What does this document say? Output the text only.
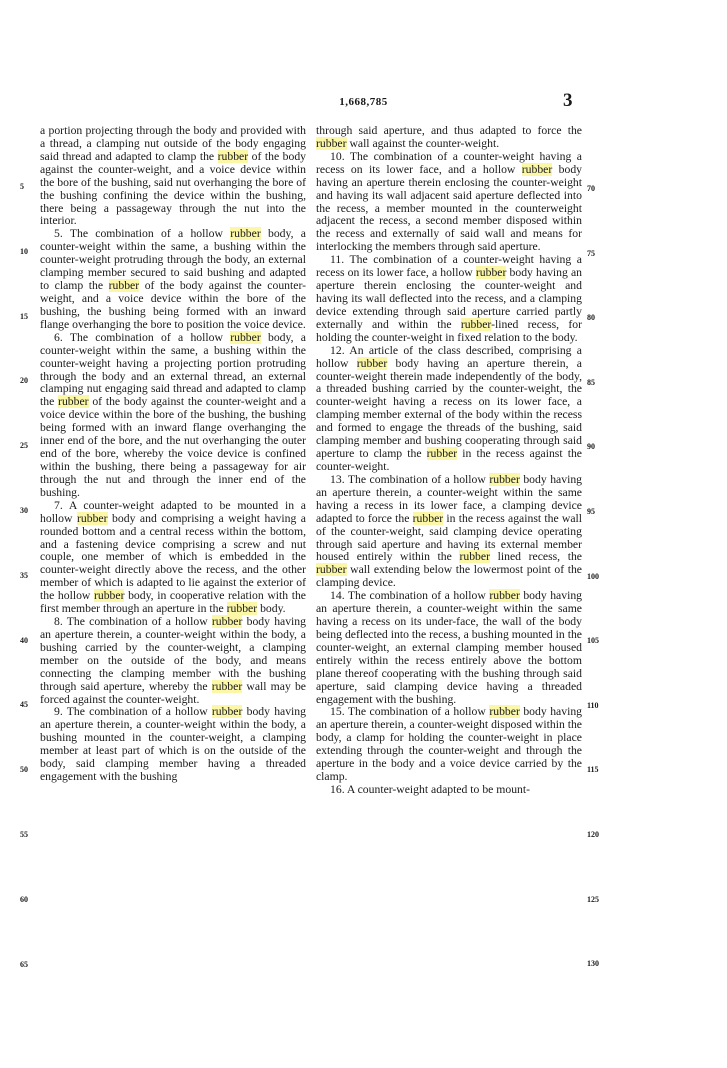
1,668,785	3

a portion projecting through the body and provided with a thread, a clamping nut outside of the body engaging said thread and adapted to clamp the rubber of the body against the counter-weight, and a voice device within the bore of the bushing, said nut overhanging the bore of the bushing confining the device within the bushing, there being a passageway through the nut into the interior.

5. The combination of a hollow rubber body, a counter-weight within the same, a bushing within the counter-weight protruding through the body, an external clamping member secured to said bushing and adapted to clamp the rubber of the body against the counter-weight, and a voice device within the bore of the bushing, the bushing being formed with an inward flange overhanging the bore to position the voice device.

6. The combination of a hollow rubber body, a counter-weight within the same, a bushing within the counter-weight having a projecting portion protruding through the body and an external thread, an external clamping nut engaging said thread and adapted to clamp the rubber of the body against the counter-weight and a voice device within the bore of the bushing, the bushing being formed with an inward flange overhanging the inner end of the bore, and the nut overhanging the outer end of the bore, whereby the voice device is confined within the bushing, there being a passageway for air through the nut and through the inner end of the bushing.

7. A counter-weight adapted to be mounted in a hollow rubber body and comprising a weight having a rounded bottom and a central recess within the bottom, and a fastening device comprising a screw and nut couple, one member of which is embedded in the counter-weight directly above the recess, and the other member of which is adapted to lie against the exterior of the hollow rubber body, in cooperative relation with the first member through an aperture in the rubber body.

8. The combination of a hollow rubber body having an aperture therein, a counter-weight within the body, a bushing carried by the counter-weight, a clamping member on the outside of the body, and means connecting the clamping member with the bushing through said aperture, whereby the rubber wall may be forced against the counter-weight.

9. The combination of a hollow rubber body having an aperture therein, a counter-weight within the body, a bushing mounted in the counter-weight, a clamping member at least part of which is on the outside of the body, said clamping member having a threaded engagement with the bushing

through said aperture, and thus adapted to force the rubber wall against the counter-weight.

10. The combination of a counter-weight having a recess on its lower face, and a hollow rubber body having an aperture therein enclosing the counter-weight and having its wall adjacent said aperture deflected into the recess, a member mounted in the counterweight adjacent the recess, a second member disposed within the recess and externally of said wall and means for interlocking the members through said aperture.

11. The combination of a counter-weight having a recess on its lower face, a hollow rubber body having an aperture therein enclosing the counter-weight and having its wall deflected into the recess, and a clamping device extending through said aperture carried partly externally and within the rubber-lined recess, for holding the counter-weight in fixed relation to the body.

12. An article of the class described, comprising a hollow rubber body having an aperture therein, a counter-weight therein made independently of the body, a threaded bushing carried by the counter-weight, the counter-weight having a recess on its lower face, a clamping member external of the body within the recess and formed to engage the threads of the bushing, said clamping member and bushing cooperating through said aperture to clamp the rubber in the recess against the counter-weight.

13. The combination of a hollow rubber body having an aperture therein, a counter-weight within the same having a recess in its lower face, a clamping device adapted to force the rubber in the recess against the wall of the counter-weight, said clamping device operating through said aperture and having its external member housed entirely within the rubber lined recess, the rubber wall extending below the lowermost point of the clamping device.

14. The combination of a hollow rubber body having an aperture therein, a counter-weight within the same having a recess on its under-face, the wall of the body being deflected into the recess, a bushing mounted in the counter-weight, an external clamping member housed entirely within the recess entirely above the bottom plane thereof cooperating with the bushing through said aperture, said clamping device having a threaded engagement with the bushing.

15. The combination of a hollow rubber body having an aperture therein, a counter-weight disposed within the body, a clamp for holding the counter-weight in place extending through the counter-weight and through the aperture in the body and a voice device carried by the clamp.

16. A counter-weight adapted to be mount-

5
10
15
20
25
30
35
40
45
50
55
60
65
70
75
80
85
90
95
100
105
110
115
120
125
130
